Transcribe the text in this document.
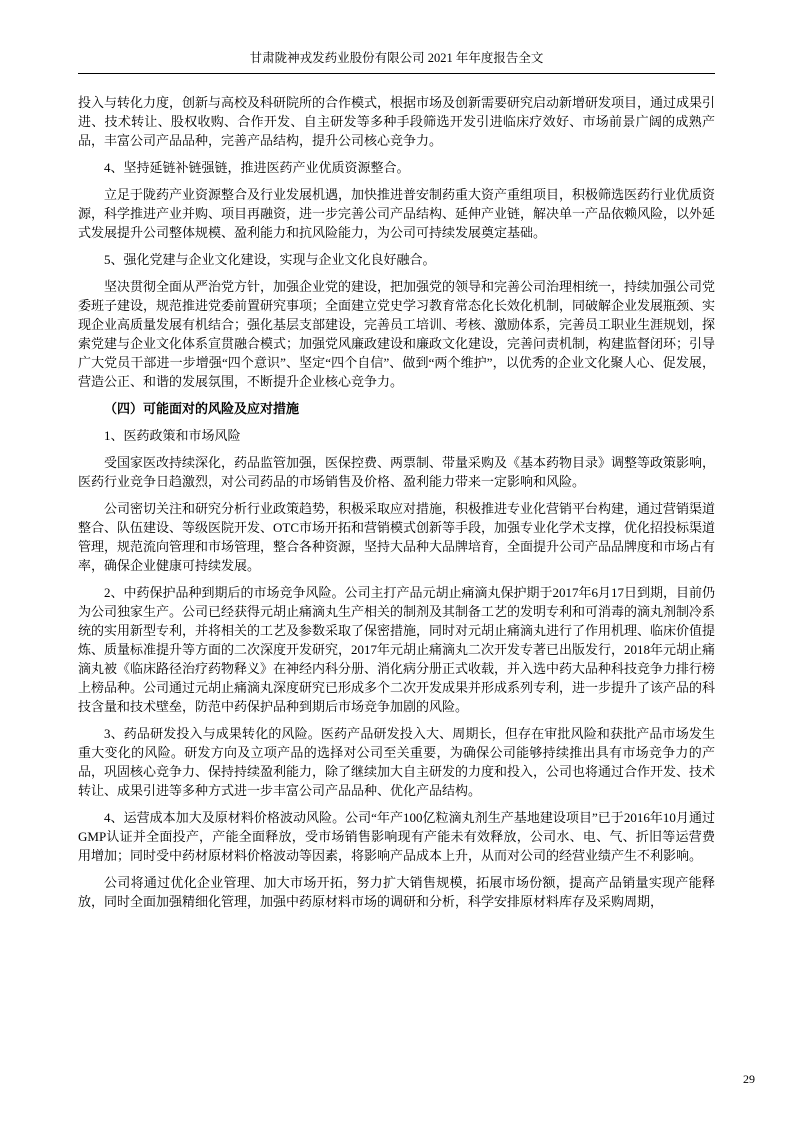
甘肃陇神戎发药业股份有限公司 2021 年年度报告全文

投入与转化力度，创新与高校及科研院所的合作模式，根据市场及创新需要研究启动新增研发项目，通过成果引进、技术转让、股权收购、合作开发、自主研发等多种手段筛选开发引进临床疗效好、市场前景广阔的成熟产品，丰富公司产品品种，完善产品结构，提升公司核心竞争力。

4、坚持延链补链强链，推进医药产业优质资源整合。

立足于陇药产业资源整合及行业发展机遇，加快推进普安制药重大资产重组项目，积极筛选医药行业优质资源，科学推进产业并购、项目再融资，进一步完善公司产品结构、延伸产业链，解决单一产品依赖风险，以外延式发展提升公司整体规模、盈利能力和抗风险能力，为公司可持续发展奠定基础。

5、强化党建与企业文化建设，实现与企业文化良好融合。

坚决贯彻全面从严治党方针，加强企业党的建设，把加强党的领导和完善公司治理相统一，持续加强公司党委班子建设，规范推进党委前置研究事项；全面建立党史学习教育常态化长效化机制，同破解企业发展瓶颈、实现企业高质量发展有机结合；强化基层支部建设，完善员工培训、考核、激励体系，完善员工职业生涯规划，探索党建与企业文化体系宣贯融合模式；加强党风廉政建设和廉政文化建设，完善问责机制，构建监督闭环；引导广大党员干部进一步增强“四个意识”、坚定“四个自信”、做到“两个维护”，以优秀的企业文化聚人心、促发展，营造公正、和谐的发展氛围，不断提升企业核心竞争力。

（四）可能面对的风险及应对措施

1、医药政策和市场风险

受国家医改持续深化，药品监管加强，医保控费、两票制、带量采购及《基本药物目录》调整等政策影响，医药行业竞争日趋激烈，对公司药品的市场销售及价格、盈利能力带来一定影响和风险。

公司密切关注和研究分析行业政策趋势，积极采取应对措施，积极推进专业化营销平台构建，通过营销渠道整合、队伍建设、等级医院开发、OTC市场开拓和营销模式创新等手段，加强专业化学术支撑，优化招投标渠道管理，规范流向管理和市场管理，整合各种资源，坚持大品种大品牌培育，全面提升公司产品品牌度和市场占有率，确保企业健康可持续发展。

2、中药保护品种到期后的市场竞争风险。公司主打产品元胡止痛滴丸保护期于2017年6月17日到期，目前仍为公司独家生产。公司已经获得元胡止痛滴丸生产相关的制剂及其制备工艺的发明专利和可消毒的滴丸剂制冷系统的实用新型专利，并将相关的工艺及参数采取了保密措施，同时对元胡止痛滴丸进行了作用机理、临床价值提炼、质量标准提升等方面的二次深度开发研究，2017年元胡止痛滴丸二次开发专著已出版发行，2018年元胡止痛滴丸被《临床路径治疗药物释义》在神经内科分册、消化病分册正式收载，并入选中药大品种科技竞争力排行榜上榜品种。公司通过元胡止痛滴丸深度研究已形成多个二次开发成果并形成系列专利，进一步提升了该产品的科技含量和技术壁垒，防范中药保护品种到期后市场竞争加剧的风险。

3、药品研发投入与成果转化的风险。医药产品研发投入大、周期长，但存在审批风险和获批产品市场发生重大变化的风险。研发方向及立项产品的选择对公司至关重要，为确保公司能够持续推出具有市场竞争力的产品，巩固核心竞争力、保持持续盈利能力，除了继续加大自主研发的力度和投入，公司也将通过合作开发、技术转让、成果引进等多种方式进一步丰富公司产品品种、优化产品结构。

4、运营成本加大及原材料价格波动风险。公司“年产100亿粒滴丸剂生产基地建设项目”已于2016年10月通过GMP认证并全面投产，产能全面释放，受市场销售影响现有产能未有效释放，公司水、电、气、折旧等运营费用增加；同时受中药材原材料价格波动等因素，将影响产品成本上升，从而对公司的经营业绩产生不利影响。

公司将通过优化企业管理、加大市场开拓，努力扩大销售规模，拓展市场份额，提高产品销量实现产能释放，同时全面加强精细化管理，加强中药原材料市场的调研和分析，科学安排原材料库存及采购周期，

29
